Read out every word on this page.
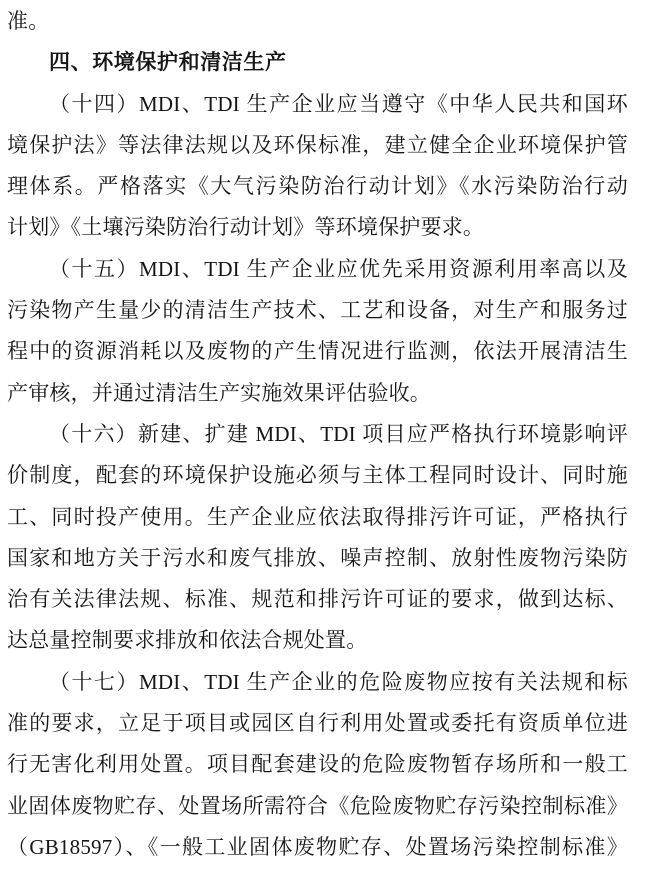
准。
四、环境保护和清洁生产
（十四）MDI、TDI 生产企业应当遵守《中华人民共和国环
境保护法》等法律法规以及环保标准，建立健全企业环境保护管
理体系。严格落实《大气污染防治行动计划》《水污染防治行动
计划》《土壤污染防治行动计划》等环境保护要求。
（十五）MDI、TDI 生产企业应优先采用资源利用率高以及
污染物产生量少的清洁生产技术、工艺和设备，对生产和服务过
程中的资源消耗以及废物的产生情况进行监测，依法开展清洁生
产审核，并通过清洁生产实施效果评估验收。
（十六）新建、扩建 MDI、TDI 项目应严格执行环境影响评
价制度，配套的环境保护设施必须与主体工程同时设计、同时施
工、同时投产使用。生产企业应依法取得排污许可证，严格执行
国家和地方关于污水和废气排放、噪声控制、放射性废物污染防
治有关法律法规、标准、规范和排污许可证的要求，做到达标、
达总量控制要求排放和依法合规处置。
（十七）MDI、TDI 生产企业的危险废物应按有关法规和标
准的要求，立足于项目或园区自行利用处置或委托有资质单位进
行无害化利用处置。项目配套建设的危险废物暂存场所和一般工
业固体废物贮存、处置场所需符合《危险废物贮存污染控制标准》
（GB18597）、《一般工业固体废物贮存、处置场污染控制标准》
